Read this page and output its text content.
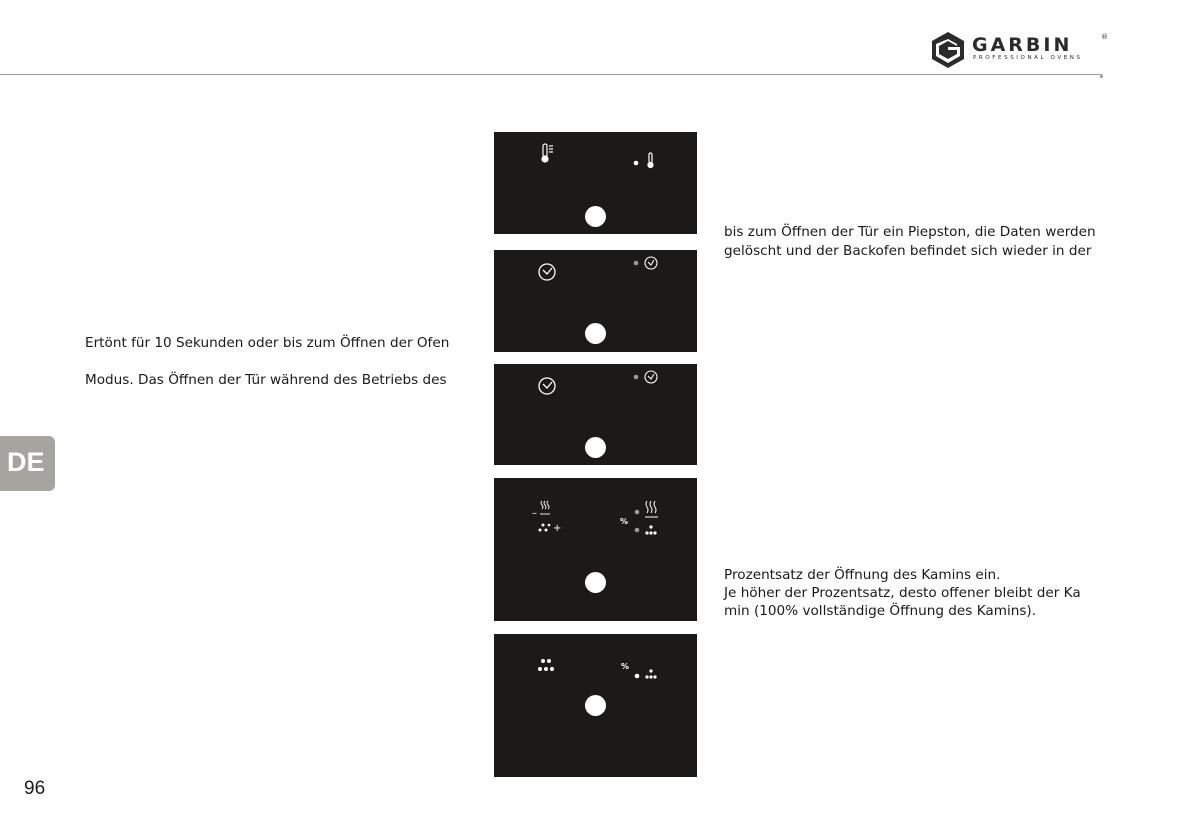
GARBIN	®
PROFESSIONAL OVENS
DE
Ertönt für 10 Sekunden oder bis zum Öffnen der Ofen
Modus. Das Öffnen der Tür während des Betriebs des
bis zum Öffnen der Tür ein Piepston, die Daten werden
gelöscht und der Backofen befindet sich wieder in der
Prozentsatz der Öffnung des Kamins ein.
Je höher der Prozentsatz, desto offener bleibt der Ka
min (100% vollständige Öffnung des Kamins).
–
+
%
%
96
